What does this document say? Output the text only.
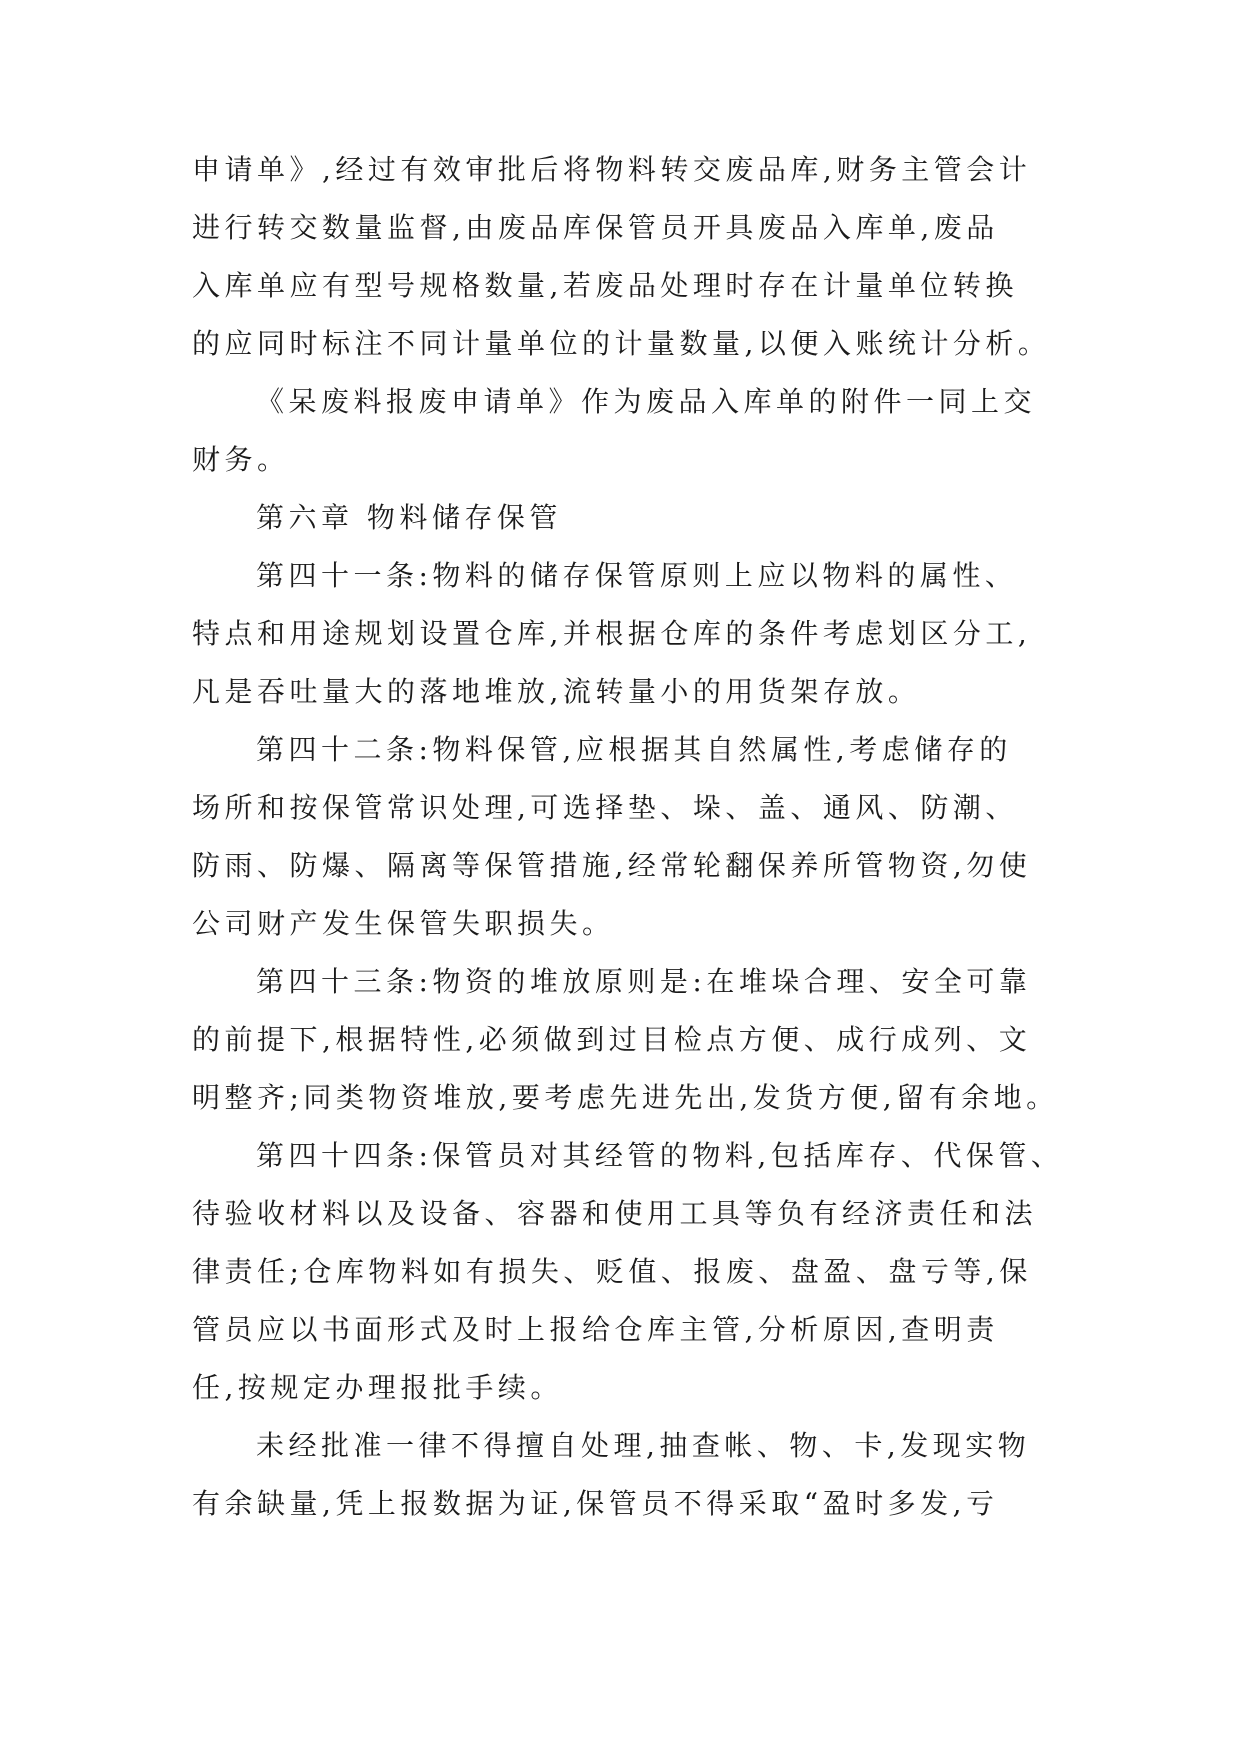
申请单》,经过有效审批后将物料转交废品库,财务主管会计
进行转交数量监督,由废品库保管员开具废品入库单,废品
入库单应有型号规格数量,若废品处理时存在计量单位转换
的应同时标注不同计量单位的计量数量,以便入账统计分析。
《呆废料报废申请单》作为废品入库单的附件一同上交
财务。
第六章 物料储存保管
第四十一条:物料的储存保管原则上应以物料的属性、
特点和用途规划设置仓库,并根据仓库的条件考虑划区分工,
凡是吞吐量大的落地堆放,流转量小的用货架存放。
第四十二条:物料保管,应根据其自然属性,考虑储存的
场所和按保管常识处理,可选择垫、垛、盖、通风、防潮、
防雨、防爆、隔离等保管措施,经常轮翻保养所管物资,勿使
公司财产发生保管失职损失。
第四十三条:物资的堆放原则是:在堆垛合理、安全可靠
的前提下,根据特性,必须做到过目检点方便、成行成列、文
明整齐;同类物资堆放,要考虑先进先出,发货方便,留有余地。
第四十四条:保管员对其经管的物料,包括库存、代保管、
待验收材料以及设备、容器和使用工具等负有经济责任和法
律责任;仓库物料如有损失、贬值、报废、盘盈、盘亏等,保
管员应以书面形式及时上报给仓库主管,分析原因,查明责
任,按规定办理报批手续。
未经批准一律不得擅自处理,抽查帐、物、卡,发现实物
有余缺量,凭上报数据为证,保管员不得采取“盈时多发,亏
